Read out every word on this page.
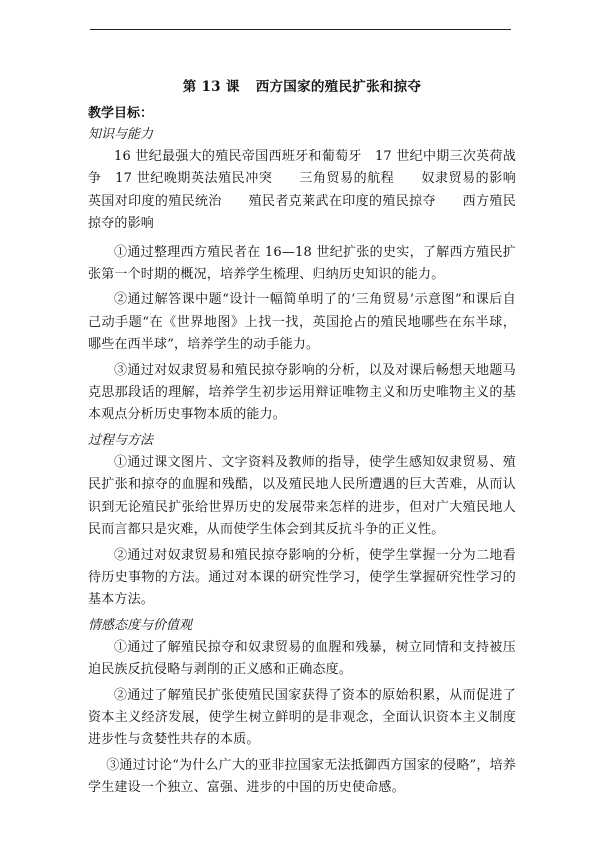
第 13 课 西方国家的殖民扩张和掠夺

教学目标：

知识与能力

16 世纪最强大的殖民帝国西班牙和葡萄牙　17 世纪中期三次英荷战争　17 世纪晚期英法殖民冲突　　三角贸易的航程　　奴隶贸易的影响　　英国对印度的殖民统治　　殖民者克莱武在印度的殖民掠夺　　西方殖民掠夺的影响

①通过整理西方殖民者在 16—18 世纪扩张的史实，了解西方殖民扩张第一个时期的概况，培养学生梳理、归纳历史知识的能力。

②通过解答课中题“设计一幅简单明了的‘三角贸易’示意图”和课后自己动手题“在《世界地图》上找一找，英国抢占的殖民地哪些在东半球，哪些在西半球”，培养学生的动手能力。

③通过对奴隶贸易和殖民掠夺影响的分析，以及对课后畅想天地题马克思那段话的理解，培养学生初步运用辩证唯物主义和历史唯物主义的基本观点分析历史事物本质的能力。

过程与方法

①通过课文图片、文字资料及教师的指导，使学生感知奴隶贸易、殖民扩张和掠夺的血腥和残酷，以及殖民地人民所遭遇的巨大苦难，从而认识到无论殖民扩张给世界历史的发展带来怎样的进步，但对广大殖民地人民而言都只是灾难，从而使学生体会到其反抗斗争的正义性。

②通过对奴隶贸易和殖民掠夺影响的分析，使学生掌握一分为二地看待历史事物的方法。通过对本课的研究性学习，使学生掌握研究性学习的基本方法。

情感态度与价值观

①通过了解殖民掠夺和奴隶贸易的血腥和残暴，树立同情和支持被压迫民族反抗侵略与剥削的正义感和正确态度。

②通过了解殖民扩张使殖民国家获得了资本的原始积累，从而促进了资本主义经济发展，使学生树立鲜明的是非观念，全面认识资本主义制度进步性与贪婪性共存的本质。

③通过讨论“为什么广大的亚非拉国家无法抵御西方国家的侵略”，培养学生建设一个独立、富强、进步的中国的历史使命感。
